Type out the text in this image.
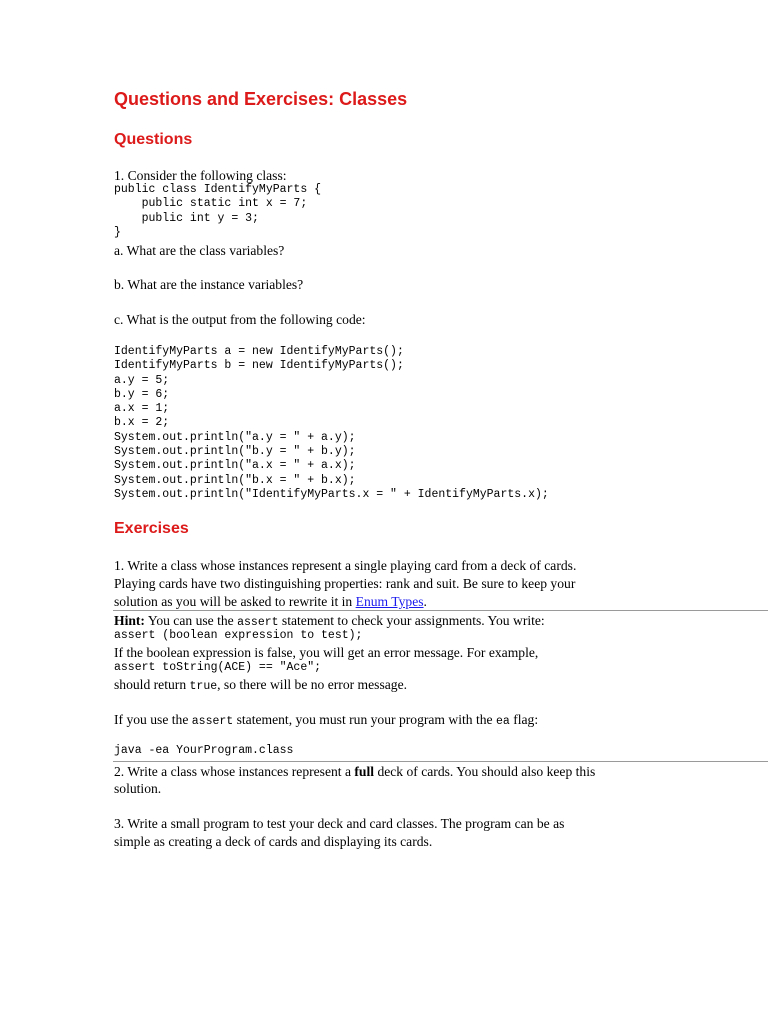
Questions and Exercises: Classes
Questions
1. Consider the following class:
public class IdentifyMyParts {
public static int x = 7;
public int y = 3;
}
a. What are the class variables?
b. What are the instance variables?
c. What is the output from the following code:
IdentifyMyParts a = new IdentifyMyParts();
IdentifyMyParts b = new IdentifyMyParts();
a.y = 5;
b.y = 6;
a.x = 1;
b.x = 2;
System.out.println("a.y = " + a.y);
System.out.println("b.y = " + b.y);
System.out.println("a.x = " + a.x);
System.out.println("b.x = " + b.x);
System.out.println("IdentifyMyParts.x = " + IdentifyMyParts.x);
Exercises
1. Write a class whose instances represent a single playing card from a deck of cards.
Playing cards have two distinguishing properties: rank and suit. Be sure to keep your
solution as you will be asked to rewrite it in Enum Types.
Hint: You can use the assert statement to check your assignments. You write:
assert (boolean expression to test);
If the boolean expression is false, you will get an error message. For example,
assert toString(ACE) == "Ace";
should return true, so there will be no error message.
If you use the assert statement, you must run your program with the ea flag:
java -ea YourProgram.class
2. Write a class whose instances represent a full deck of cards. You should also keep this
solution.
3. Write a small program to test your deck and card classes. The program can be as
simple as creating a deck of cards and displaying its cards.
